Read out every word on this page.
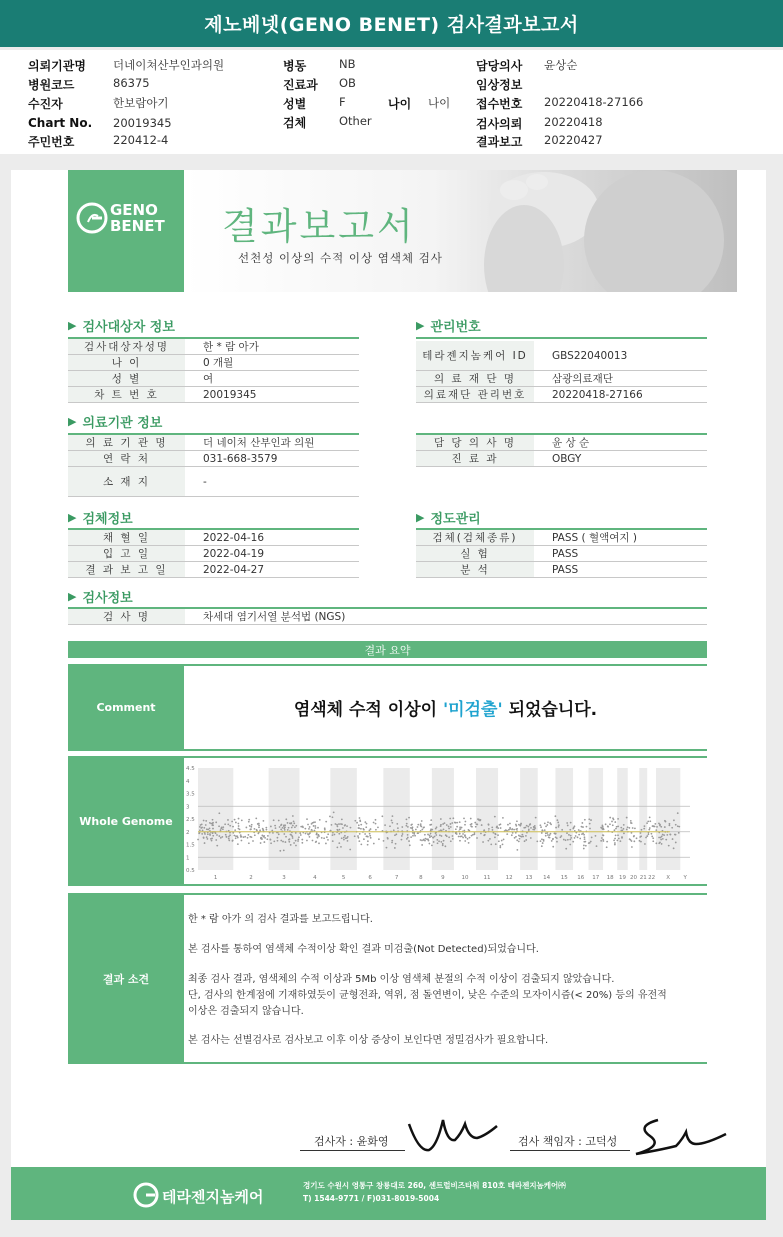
제노베넷(GENO BENET) 검사결과보고서
의뢰기관명 더네이쳐산부인과의원
병원코드	86375
수진자	한보람아기
Chart No. 20019345
주민번호	220412-4
병동	NB
진료과 OB
성별	F	나이 나이
검체	Other
담당의사 윤상순
임상정보
접수번호 20220418-27166
검사의뢰 20220418
결과보고 20220427
GENO
BENET 결과보고서
선천성 이상의 수적 이상 염색체 검사
▶ 검사대상자 정보
검사대상자성명	한 * 람 아가
나 이	0 개월
성 별	여
차 트 번 호	20019345
▶ 관리번호
테라젠지놈케어 ID	GBS22040013
의 료 재 단 명	삼광의료재단
의료재단 관리번호	20220418-27166
▶ 의료기관 정보
의 료 기 관 명	더 네이처 산부인과 의원
연 락 처	031-668-3579
소 재 지	-
담 당 의 사 명	윤 상 순
진 료 과	OBGY
▶ 검체정보
채 혈 일	2022-04-16
입 고 일	2022-04-19
결 과 보 고 일	2022-04-27
▶ 정도관리
검체(검체종류)	PASS ( 혈액여지 )
실 험	PASS
분 석	PASS
▶ 검사정보
검 사 명	차세대 염기서열 분석법 (NGS)
결과 요약
Comment	염색체 수적 이상이 '미검출' 되었습니다.
Whole Genome
4.5
4
3.5
3
2.5
2
1.5
1
0.5
1	2	3	4	5	6	7	8	9	10	11	12 13 14 15 16 17 18 19 20 21 22 X Y
결과 소견

한 * 람 아가 의 검사 결과를 보고드립니다.

본 검사를 통하여 염색체 수적이상 확인 결과 미검출(Not Detected)되었습니다.

최종 검사 결과, 염색체의 수적 이상과 5Mb 이상 염색체 분절의 수적 이상이 검출되지 않았습니다.

단, 검사의 한계점에 기재하였듯이 균형전좌, 역위, 점 돌연변이, 낮은 수준의 모자이시즘(< 20%) 등의 유전적

이상은 검출되지 않습니다.

본 검사는 선별검사로 검사보고 이후 이상 증상이 보인다면 정밀검사가 필요합니다.

검사자 : 윤화영	검사 책임자 : 고덕성
테라젠지놈케어
경기도 수원시 영통구 창룡대로 260, 센트럴비즈타워 810호 테라젠지놈케어㈜
T) 1544-9771 / F)031-8019-5004
